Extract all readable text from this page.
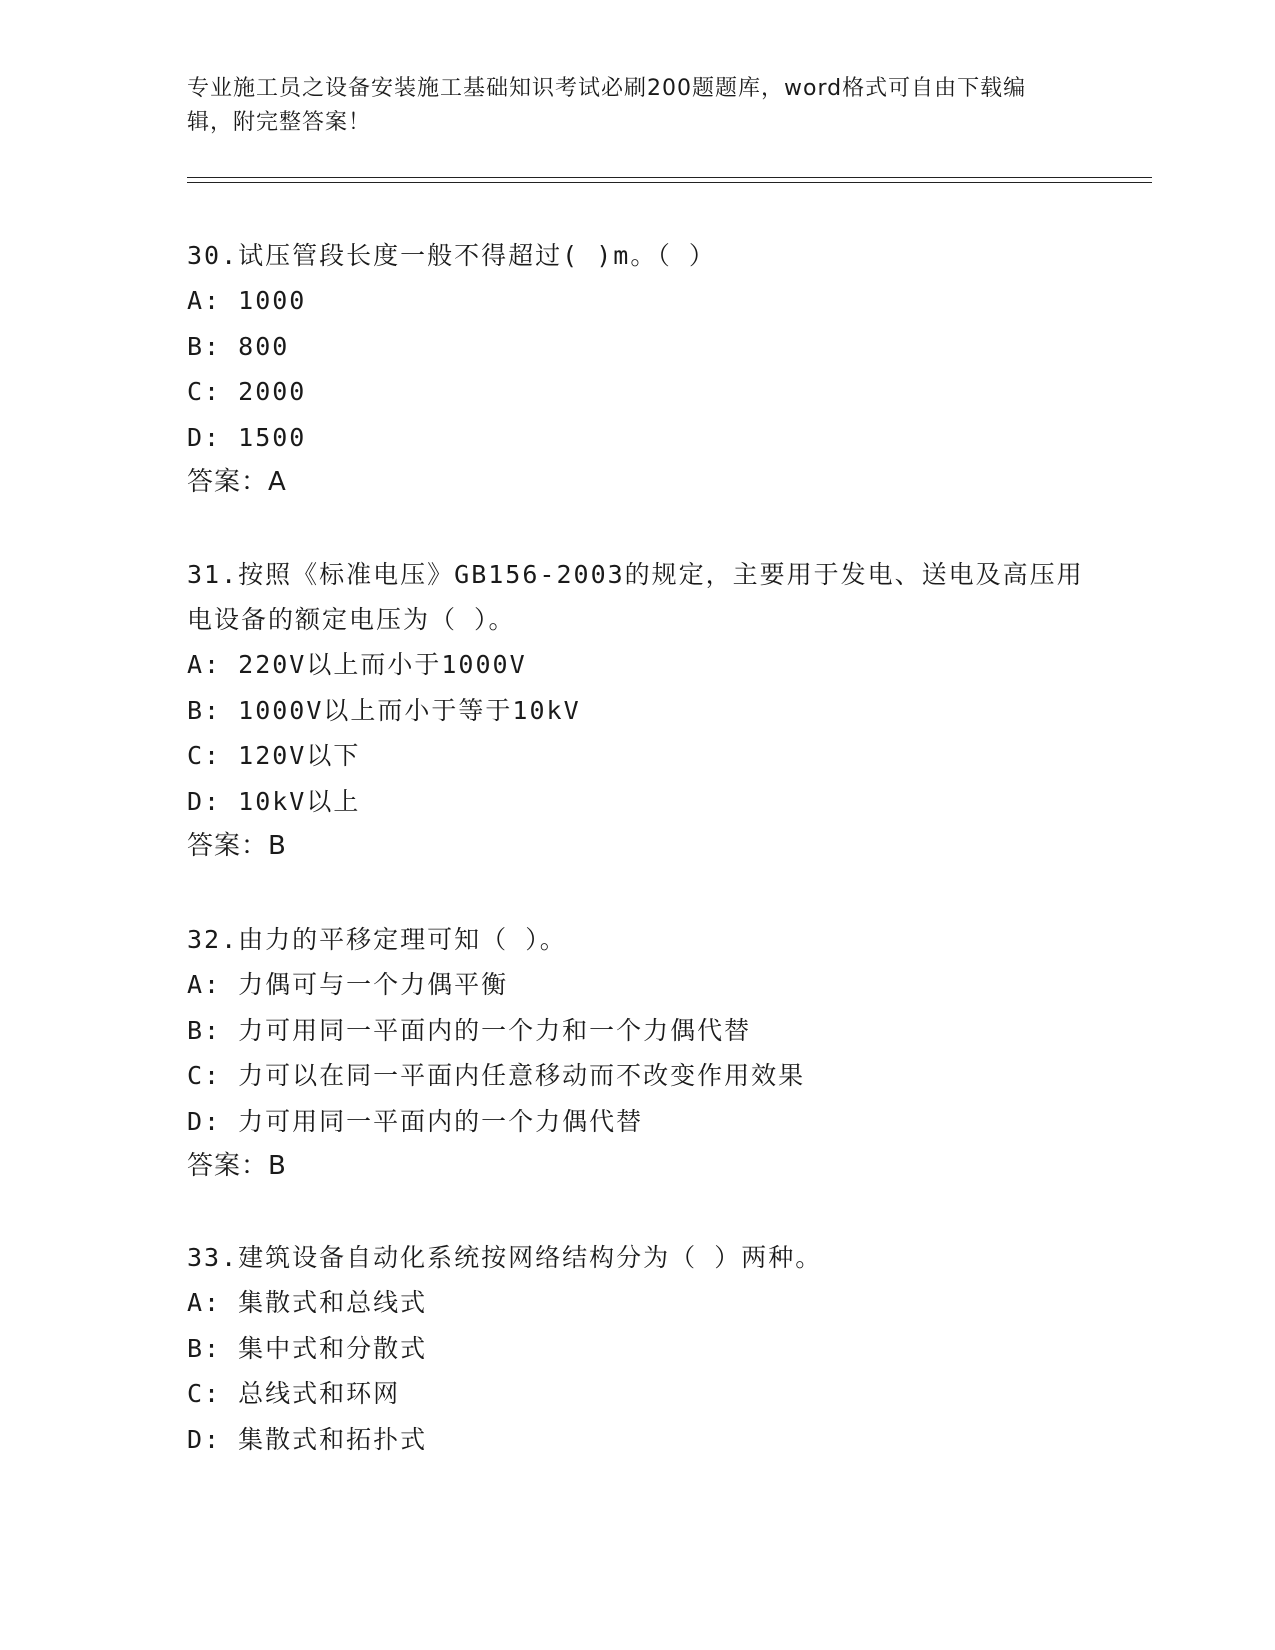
专业施工员之设备安装施工基础知识考试必刷200题题库，word格式可自由下载编辑，附完整答案！

30.试压管段长度一般不得超过( )m。（ ）

A: 1000

B: 800

C: 2000

D: 1500

答案：A

31.按照《标准电压》GB156-2003的规定，主要用于发电、送电及高压用电设备的额定电压为（ ）。

A: 220V以上而小于1000V

B: 1000V以上而小于等于10kV

C: 120V以下

D: 10kV以上

答案：B

32.由力的平移定理可知（ ）。

A: 力偶可与一个力偶平衡

B: 力可用同一平面内的一个力和一个力偶代替

C: 力可以在同一平面内任意移动而不改变作用效果

D: 力可用同一平面内的一个力偶代替

答案：B

33.建筑设备自动化系统按网络结构分为（ ）两种。

A: 集散式和总线式

B: 集中式和分散式

C: 总线式和环网

D: 集散式和拓扑式
